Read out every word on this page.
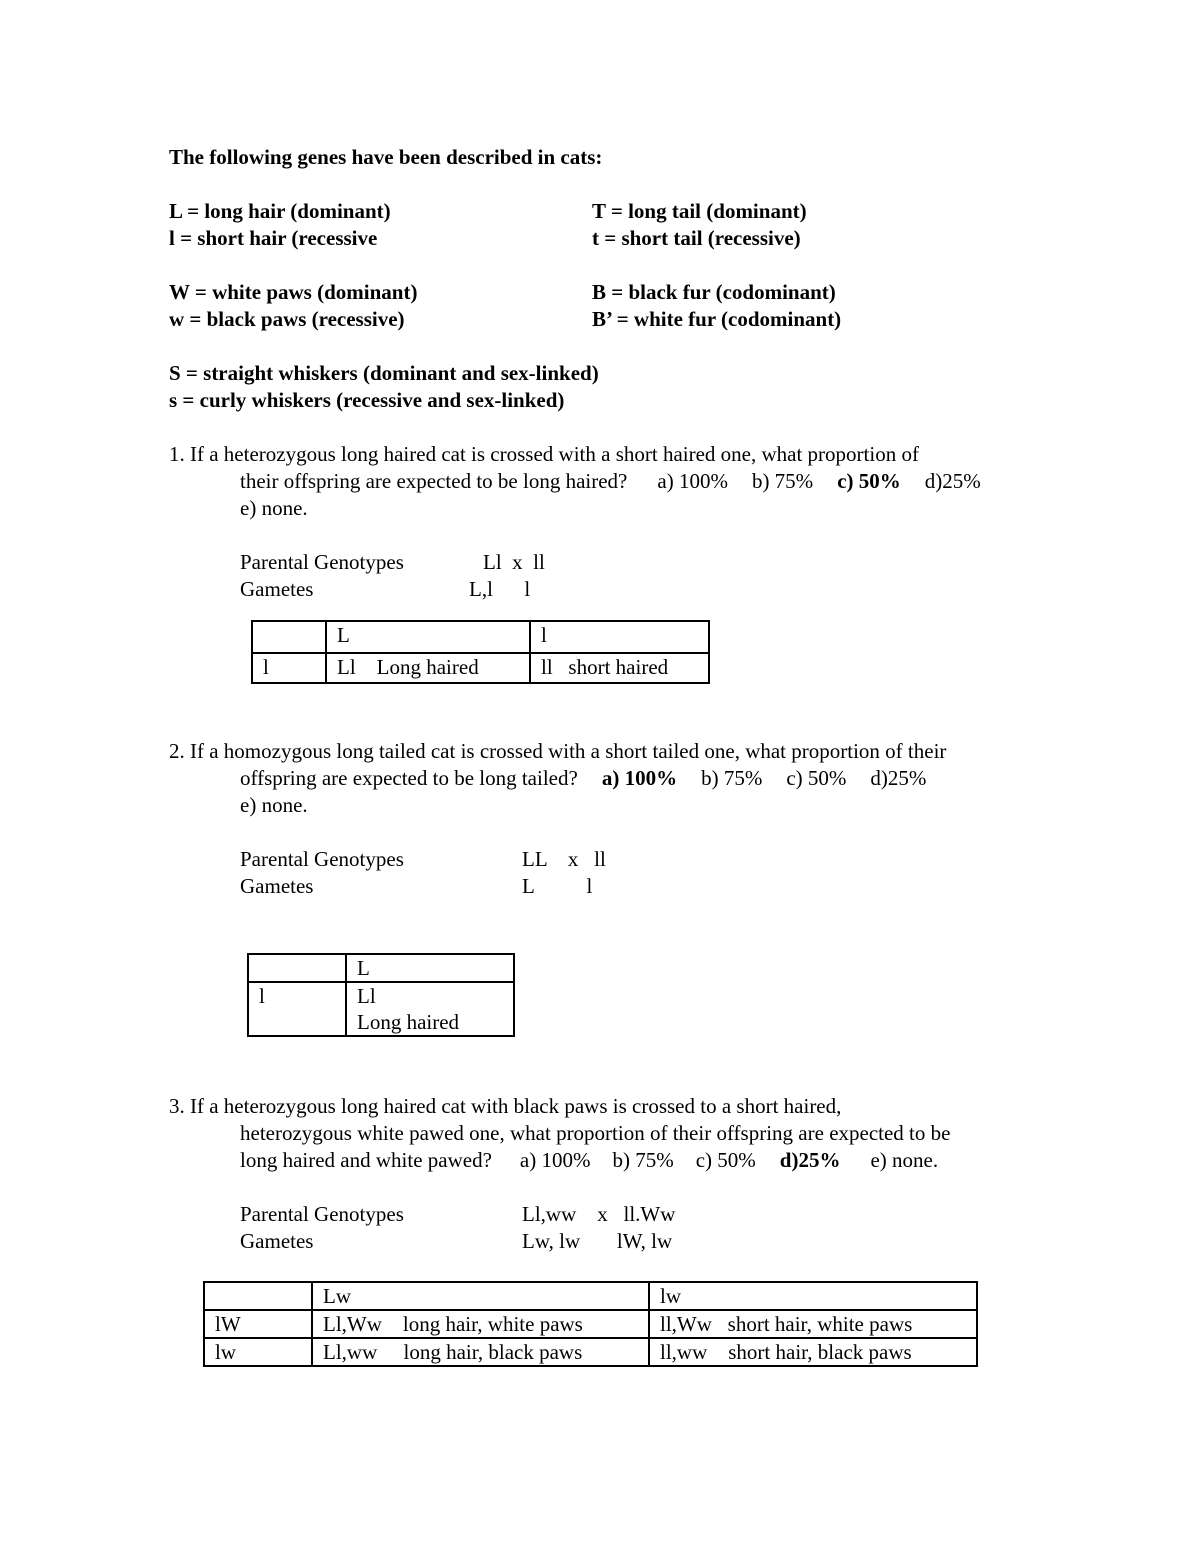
The following genes have been described in cats:
L = long hair (dominant)
l = short hair (recessive
T = long tail (dominant)
t = short tail (recessive)
W = white paws (dominant)
w = black paws (recessive)
B = black fur (codominant)
B’ = white fur (codominant)
S = straight whiskers (dominant and sex-linked)
s = curly whiskers (recessive and sex-linked)
1. If a heterozygous long haired cat is crossed with a short haired one, what proportion of
their offspring are expected to be long haired? a) 100% b) 75% c) 50% d)25%
e) none.
Parental Genotypes	Ll  x  ll
Gametes	L,l      l
	L	l
l	Ll    Long haired	ll   short haired
2. If a homozygous long tailed cat is crossed with a short tailed one, what proportion of their
offspring are expected to be long tailed? a) 100% b) 75% c) 50% d)25%
e) none.
Parental Genotypes	LL    x   ll
Gametes	L          l
	L
l	Ll
Long haired
3. If a heterozygous long haired cat with black paws is crossed to a short haired,
heterozygous white pawed one, what proportion of their offspring are expected to be
long haired and white pawed? a) 100% b) 75% c) 50% d)25% e) none.
Parental Genotypes	Ll,ww    x   ll.Ww
Gametes	Lw, lw       lW, lw
	Lw	lw
lW	Ll,Ww    long hair, white paws	ll,Ww   short hair, white paws
lw	Ll,ww     long hair, black paws	ll,ww    short hair, black paws
